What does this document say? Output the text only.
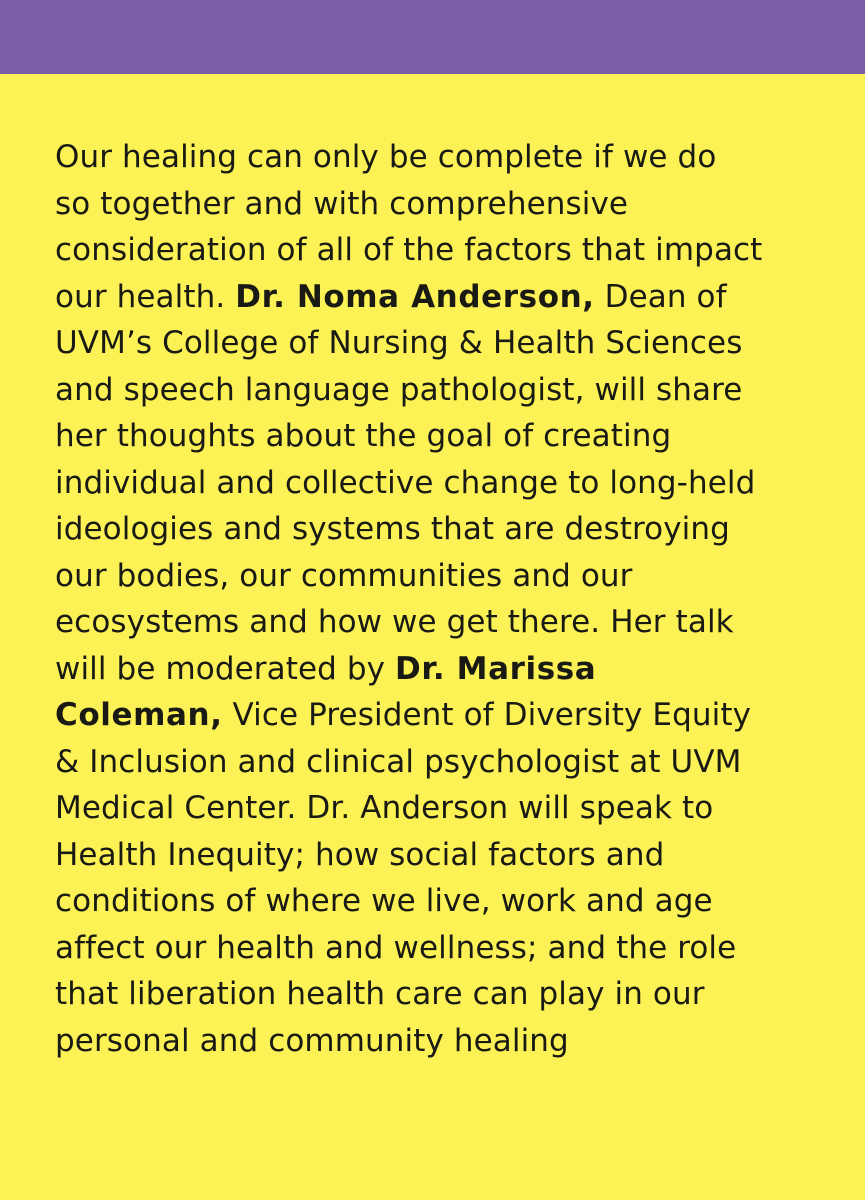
Our healing can only be complete if we do
so together and with comprehensive
consideration of all of the factors that impact
our health. Dr. Noma Anderson, Dean of
UVM’s College of Nursing & Health Sciences
and speech language pathologist, will share
her thoughts about the goal of creating
individual and collective change to long-held
ideologies and systems that are destroying
our bodies, our communities and our
ecosystems and how we get there. Her talk
will be moderated by Dr. Marissa
Coleman, Vice President of Diversity Equity
& Inclusion and clinical psychologist at UVM
Medical Center. Dr. Anderson will speak to
Health Inequity; how social factors and
conditions of where we live, work and age
affect our health and wellness; and the role
that liberation health care can play in our
personal and community healing
